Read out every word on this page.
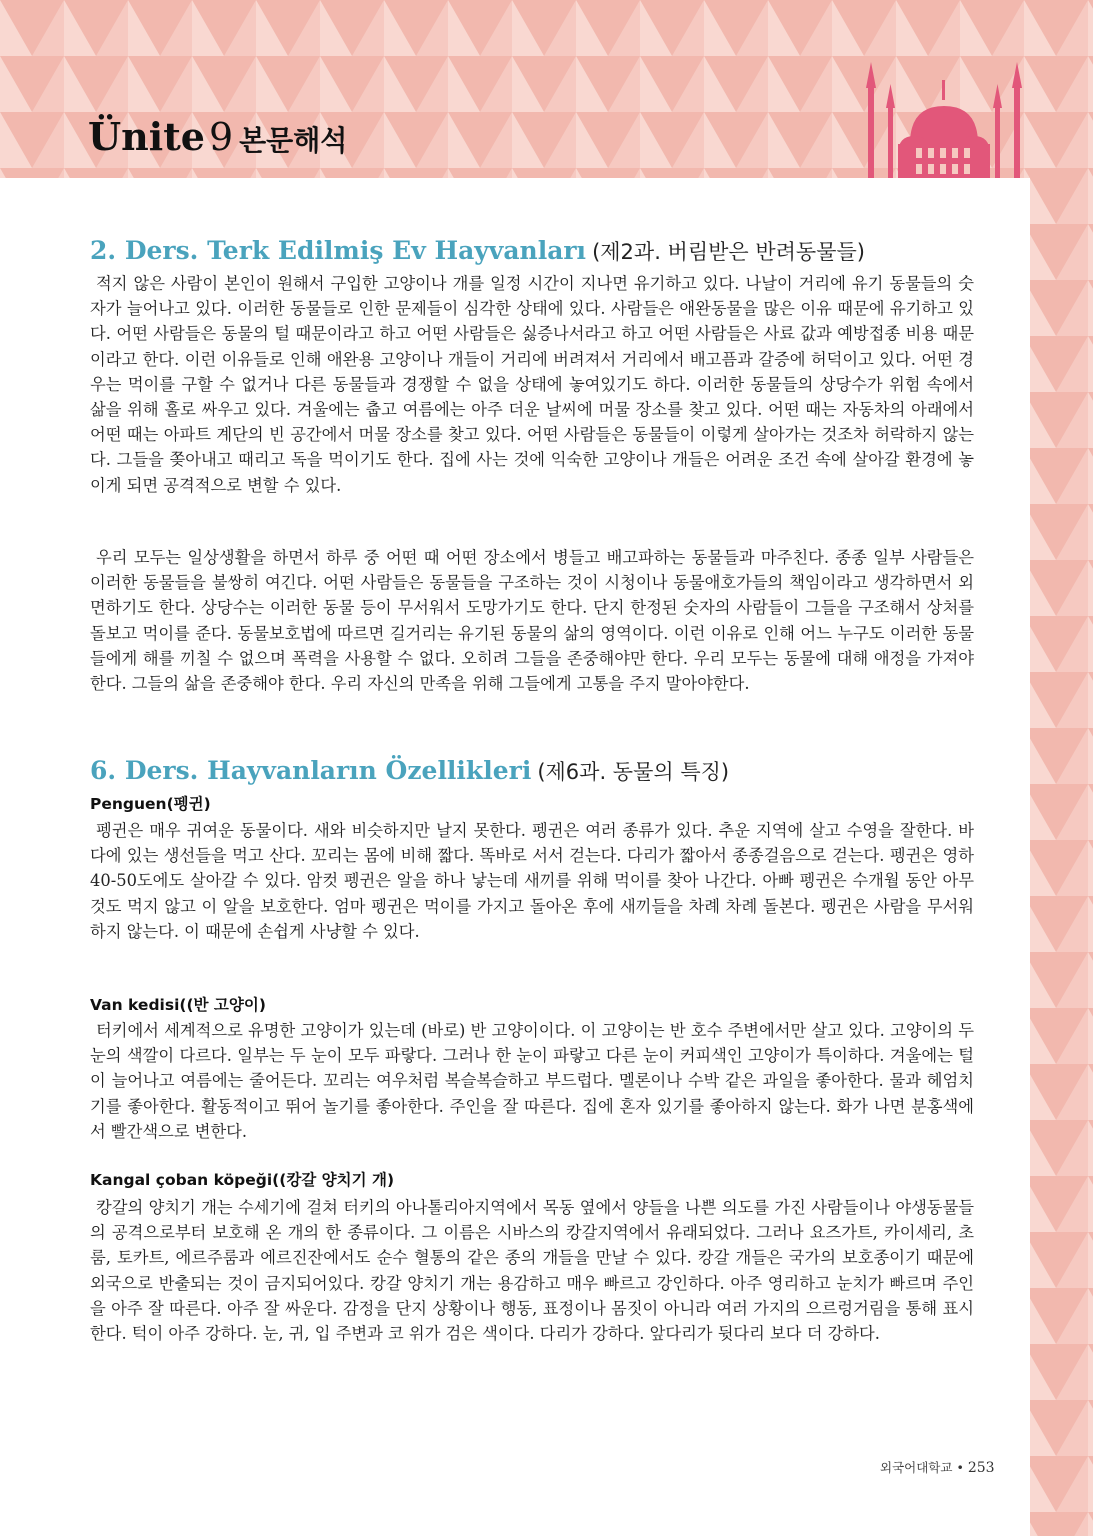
Ünite 9 본문해석
2. Ders. Terk Edilmiş Ev Hayvanları (제2과. 버림받은 반려동물들)

적지 않은 사람이 본인이 원해서 구입한 고양이나 개를 일정 시간이 지나면 유기하고 있다. 나날이 거리에 유기 동물들의 숫자가 늘어나고 있다. 이러한 동물들로 인한 문제들이 심각한 상태에 있다. 사람들은 애완동물을 많은 이유 때문에 유기하고 있다. 어떤 사람들은 동물의 털 때문이라고 하고 어떤 사람들은 싫증나서라고 하고 어떤 사람들은 사료 값과 예방접종 비용 때문이라고 한다. 이런 이유들로 인해 애완용 고양이나 개들이 거리에 버려져서 거리에서 배고픔과 갈증에 허덕이고 있다. 어떤 경우는 먹이를 구할 수 없거나 다른 동물들과 경쟁할 수 없을 상태에 놓여있기도 하다. 이러한 동물들의 상당수가 위험 속에서 삶을 위해 홀로 싸우고 있다. 겨울에는 춥고 여름에는 아주 더운 날씨에 머물 장소를 찾고 있다. 어떤 때는 자동차의 아래에서 어떤 때는 아파트 계단의 빈 공간에서 머물 장소를 찾고 있다. 어떤 사람들은 동물들이 이렇게 살아가는 것조차 허락하지 않는다. 그들을 쫒아내고 때리고 독을 먹이기도 한다. 집에 사는 것에 익숙한 고양이나 개들은 어려운 조건 속에 살아갈 환경에 놓이게 되면 공격적으로 변할 수 있다.

우리 모두는 일상생활을 하면서 하루 중 어떤 때 어떤 장소에서 병들고 배고파하는 동물들과 마주친다. 종종 일부 사람들은 이러한 동물들을 불쌍히 여긴다. 어떤 사람들은 동물들을 구조하는 것이 시청이나 동물애호가들의 책임이라고 생각하면서 외면하기도 한다. 상당수는 이러한 동물 등이 무서워서 도망가기도 한다. 단지 한정된 숫자의 사람들이 그들을 구조해서 상처를 돌보고 먹이를 준다. 동물보호법에 따르면 길거리는 유기된 동물의 삶의 영역이다. 이런 이유로 인해 어느 누구도 이러한 동물들에게 해를 끼칠 수 없으며 폭력을 사용할 수 없다. 오히려 그들을 존중해야만 한다. 우리 모두는 동물에 대해 애정을 가져야 한다. 그들의 삶을 존중해야 한다. 우리 자신의 만족을 위해 그들에게 고통을 주지 말아야한다.

6. Ders. Hayvanların Özellikleri (제6과. 동물의 특징)
Penguen(펭귄)

펭귄은 매우 귀여운 동물이다. 새와 비슷하지만 날지 못한다. 펭귄은 여러 종류가 있다. 추운 지역에 살고 수영을 잘한다. 바다에 있는 생선들을 먹고 산다. 꼬리는 몸에 비해 짧다. 똑바로 서서 걷는다. 다리가 짧아서 종종걸음으로 걷는다. 펭귄은 영하 40-50도에도 살아갈 수 있다. 암컷 펭귄은 알을 하나 낳는데 새끼를 위해 먹이를 찾아 나간다. 아빠 펭귄은 수개월 동안 아무것도 먹지 않고 이 알을 보호한다. 엄마 펭귄은 먹이를 가지고 돌아온 후에 새끼들을 차례 차례 돌본다. 펭귄은 사람을 무서워하지 않는다. 이 때문에 손쉽게 사냥할 수 있다.

Van kedisi((반 고양이)

터키에서 세계적으로 유명한 고양이가 있는데 (바로) 반 고양이이다. 이 고양이는 반 호수 주변에서만 살고 있다. 고양이의 두 눈의 색깔이 다르다. 일부는 두 눈이 모두 파랗다. 그러나 한 눈이 파랗고 다른 눈이 커피색인 고양이가 특이하다. 겨울에는 털이 늘어나고 여름에는 줄어든다. 꼬리는 여우처럼 복슬복슬하고 부드럽다. 멜론이나 수박 같은 과일을 좋아한다. 물과 헤엄치기를 좋아한다. 활동적이고 뛰어 놀기를 좋아한다. 주인을 잘 따른다. 집에 혼자 있기를 좋아하지 않는다. 화가 나면 분홍색에서 빨간색으로 변한다.

Kangal çoban köpeği((캉갈 양치기 개)

캉갈의 양치기 개는 수세기에 걸쳐 터키의 아나톨리아지역에서 목동 옆에서 양들을 나쁜 의도를 가진 사람들이나 야생동물들의 공격으로부터 보호해 온 개의 한 종류이다. 그 이름은 시바스의 캉갈지역에서 유래되었다. 그러나 요즈가트, 카이세리, 초룸, 토카트, 에르주룸과 에르진잔에서도 순수 혈통의 같은 종의 개들을 만날 수 있다. 캉갈 개들은 국가의 보호종이기 때문에 외국으로 반출되는 것이 금지되어있다. 캉갈 양치기 개는 용감하고 매우 빠르고 강인하다. 아주 영리하고 눈치가 빠르며 주인을 아주 잘 따른다. 아주 잘 싸운다. 감정을 단지 상황이나 행동, 표정이나 몸짓이 아니라 여러 가지의 으르렁거림을 통해 표시한다. 턱이 아주 강하다. 눈, 귀, 입 주변과 코 위가 검은 색이다. 다리가 강하다. 앞다리가 뒷다리 보다 더 강하다.

외국어대학교 • 253
